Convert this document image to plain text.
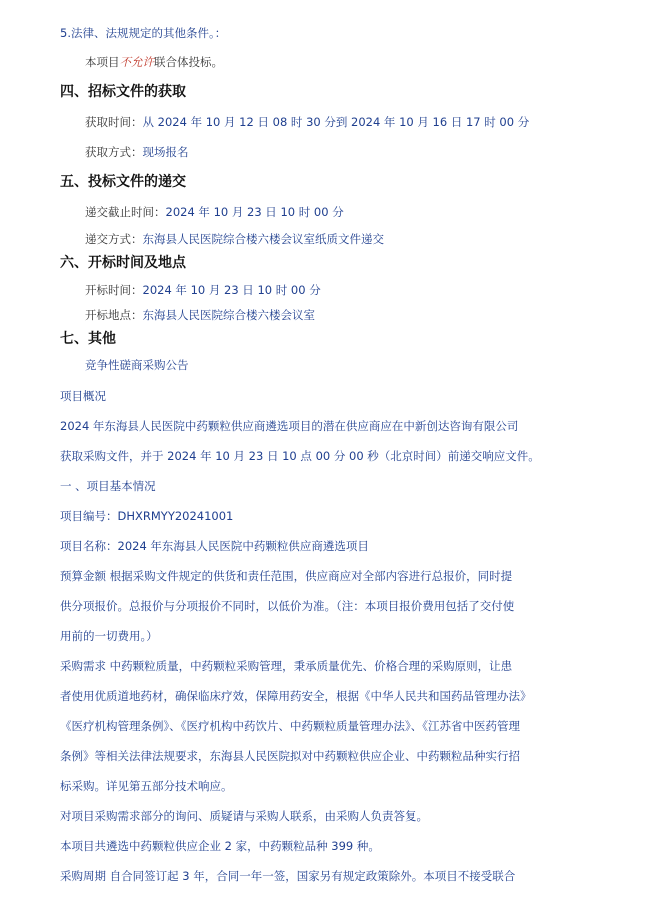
5.法律、法规规定的其他条件。：
本项目不允许联合体投标。
四、招标文件的获取
获取时间：从 2024 年 10 月 12 日 08 时 30 分到 2024 年 10 月 16 日 17 时 00 分
获取方式：现场报名
五、投标文件的递交
递交截止时间：2024 年 10 月 23 日 10 时 00 分
递交方式：东海县人民医院综合楼六楼会议室纸质文件递交
六、开标时间及地点
开标时间：2024 年 10 月 23 日 10 时 00 分
开标地点：东海县人民医院综合楼六楼会议室
七、其他
竞争性磋商采购公告
项目概况
2024 年东海县人民医院中药颗粒供应商遴选项目的潜在供应商应在中新创达咨询有限公司
获取采购文件，并于 2024 年 10 月 23 日 10 点 00 分 00 秒（北京时间）前递交响应文件。
一 、项目基本情况
项目编号：DHXRMYY20241001
项目名称：2024 年东海县人民医院中药颗粒供应商遴选项目
预算金额 根据采购文件规定的供货和责任范围，供应商应对全部内容进行总报价，同时提
供分项报价。总报价与分项报价不同时，以低价为准。（注：本项目报价费用包括了交付使
用前的一切费用。）
采购需求 中药颗粒质量，中药颗粒采购管理，秉承质量优先、价格合理的采购原则，让患
者使用优质道地药材，确保临床疗效，保障用药安全，根据《中华人民共和国药品管理办法》
《医疗机构管理条例》、《医疗机构中药饮片、中药颗粒质量管理办法》、《江苏省中医药管理
条例》等相关法律法规要求，东海县人民医院拟对中药颗粒供应企业、中药颗粒品种实行招
标采购。详见第五部分技术响应。
对项目采购需求部分的询问、质疑请与采购人联系，由采购人负责答复。
本项目共遴选中药颗粒供应企业 2 家，中药颗粒品种 399 种。
采购周期 自合同签订起 3 年，合同一年一签，国家另有规定政策除外。本项目不接受联合
